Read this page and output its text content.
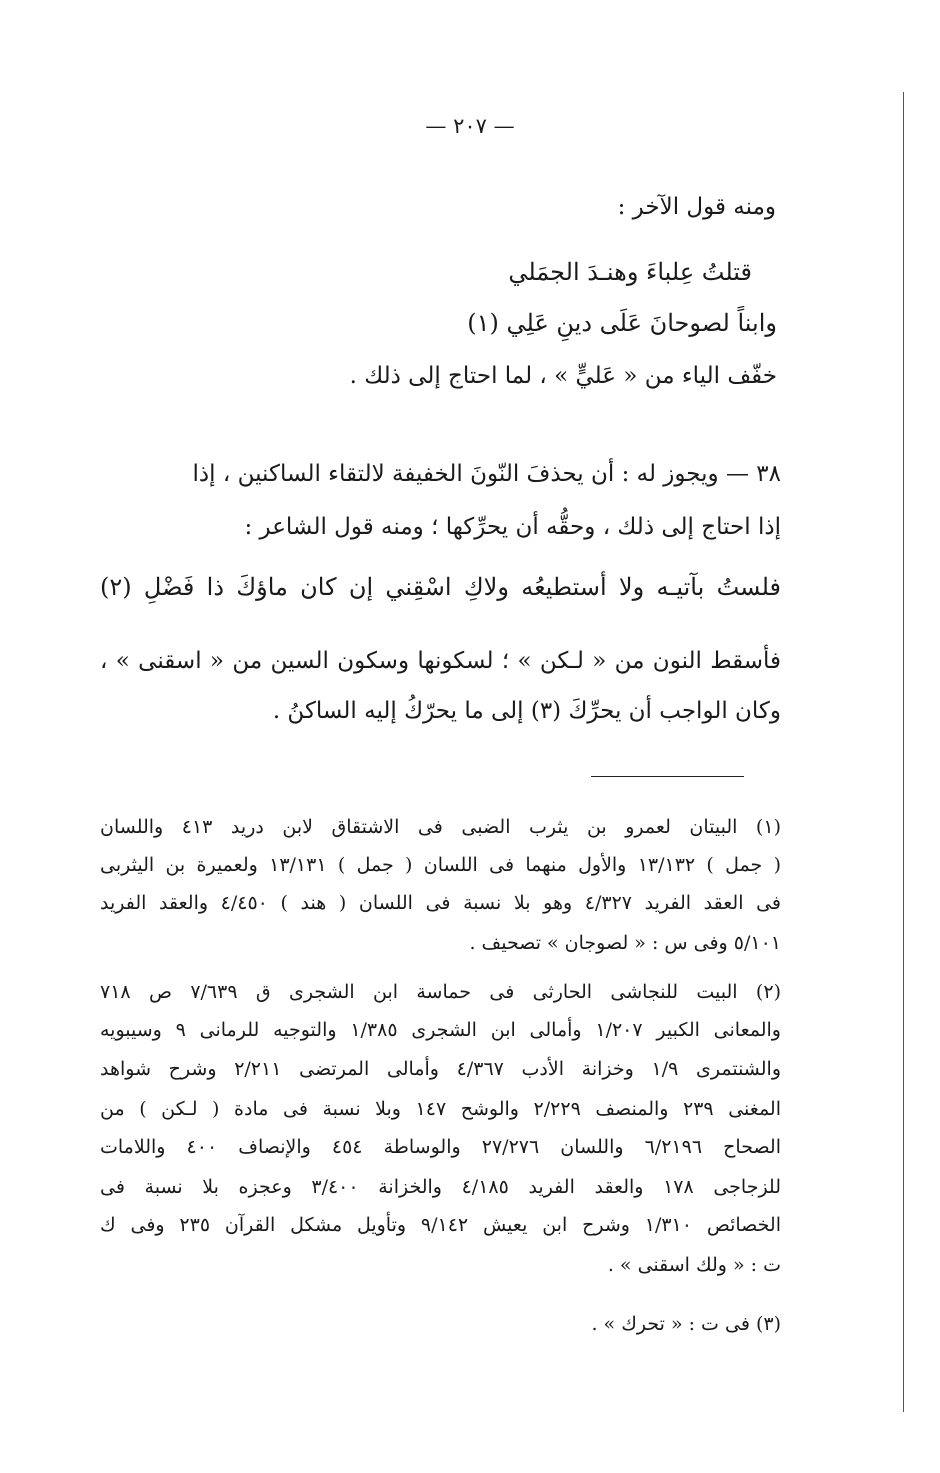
— ٢٠٧ —
ومنه قول الآخر :
قتلتُ عِلباءَ وهنـدَ الجمَلي
وابناً لصوحانَ عَلَى دينِ عَلِي (١)
خفّف الياء من « عَليٍّ » ، لما احتاج إلى ذلك .
٣٨ — ويجوز له : أن يحذفَ النّونَ الخفيفة لالتقاء الساكنين ، إذا
إذا احتاج إلى ذلك ، وحقُّه أن يحرِّكها ؛ ومنه قول الشاعر :
فلستُ بآتيـه ولا أستطيعُه ولاكِ اسْقِني إن كان ماؤكَ ذا فَضْلِ (٢)
فأسقط النون من « لـكن » ؛ لسكونها وسكون السين من « اسقنى » ،
وكان الواجب أن يحرِّكَ (٣) إلى ما يحرّكُ إليه الساكنُ .
(١) البيتان لعمرو بن يثرب الضبى فى الاشتقاق لابن دريد ٤١٣ واللسان
( جمل ) ١٣/١٣٢ والأول منهما فى اللسان ( جمل ) ١٣/١٣١ ولعميرة بن اليثربى
فى العقد الفريد ٤/٣٢٧ وهو بلا نسبة فى اللسان ( هند ) ٤/٤٥٠ والعقد الفريد
٥/١٠١ وفى س : « لصوجان » تصحيف .
(٢) البيت للنجاشى الحارثى فى حماسة ابن الشجرى ق ٧/٦٣٩ ص ٧١٨
والمعانى الكبير ١/٢٠٧ وأمالى ابن الشجرى ١/٣٨٥ والتوجيه للرمانى ٩ وسيبويه
والشنتمرى ١/٩ وخزانة الأدب ٤/٣٦٧ وأمالى المرتضى ٢/٢١١ وشرح شواهد
المغنى ٢٣٩ والمنصف ٢/٢٢٩ والوشح ١٤٧ وبلا نسبة فى مادة ( لـكن ) من
الصحاح ٦/٢١٩٦ واللسان ٢٧/٢٧٦ والوساطة ٤٥٤ والإنصاف ٤٠٠ واللامات
للزجاجى ١٧٨ والعقد الفريد ٤/١٨٥ والخزانة ٣/٤٠٠ وعجزه بلا نسبة فى
الخصائص ١/٣١٠ وشرح ابن يعيش ٩/١٤٢ وتأويل مشكل القرآن ٢٣٥ وفى ك
ت : « ولك اسقنى » .
(٣) فى ت : « تحرك » .
